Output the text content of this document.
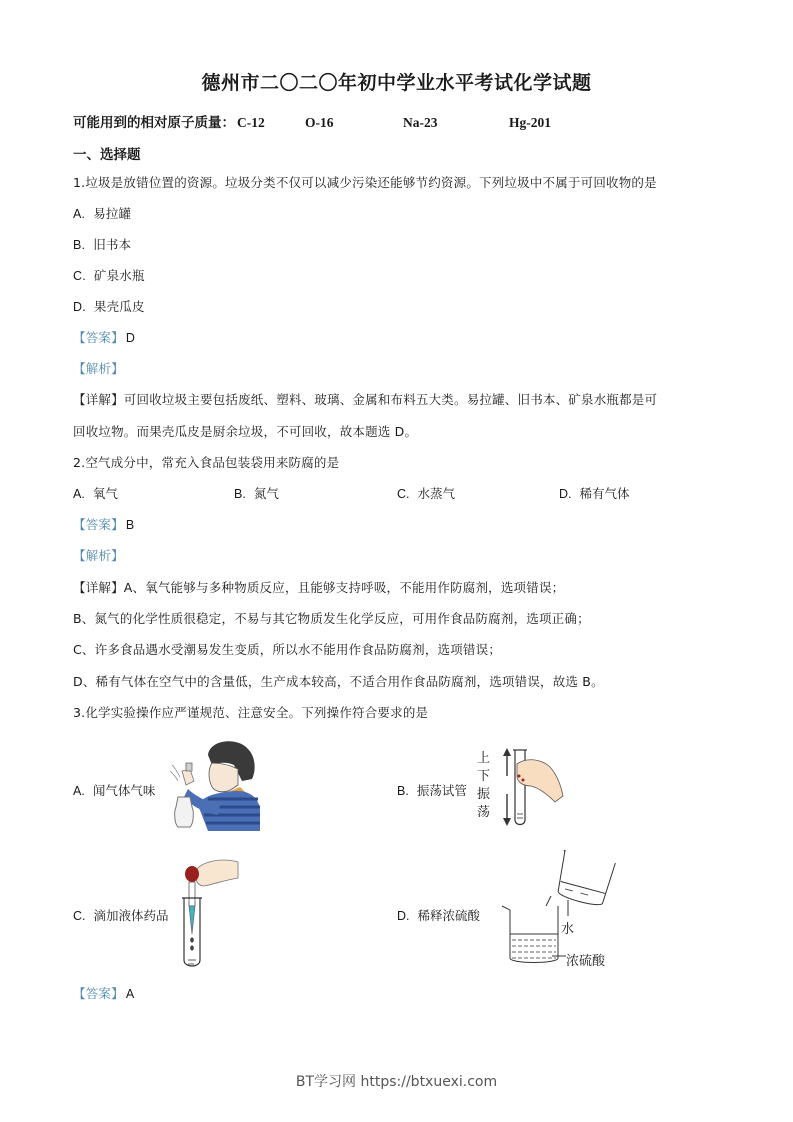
德州市二〇二〇年初中学业水平考试化学试题
可能用到的相对原子质量： C-12	O-16	Na-23	Hg-201
一、选择题
1.垃圾是放错位置的资源。垃圾分类不仅可以减少污染还能够节约资源。下列垃圾中不属于可回收物的是
A. 易拉罐
B. 旧书本
C. 矿泉水瓶
D. 果壳瓜皮
【答案】 D
【解析】
【详解】可回收垃圾主要包括废纸、塑料、玻璃、金属和布料五大类。易拉罐、旧书本、矿泉水瓶都是可
回收垃物。而果壳瓜皮是厨余垃圾，不可回收，故本题选 D。
2.空气成分中，常充入食品包装袋用来防腐的是
A. 氧气	B. 氮气	C. 水蒸气	D. 稀有气体
【答案】 B
【解析】
【详解】A、氧气能够与多种物质反应，且能够支持呼吸，不能用作防腐剂，选项错误；
B、氮气的化学性质很稳定，不易与其它物质发生化学反应，可用作食品防腐剂，选项正确；
C、许多食品遇水受潮易发生变质，所以水不能用作食品防腐剂，选项错误；
D、稀有气体在空气中的含量低，生产成本较高，不适合用作食品防腐剂，选项错误，故选 B。
3.化学实验操作应严谨规范、注意安全。下列操作符合要求的是
A. 闻气体气味	B. 振荡试管
上
下
振
荡
C. 滴加液体药品	D. 稀释浓硫酸
水
浓硫酸
【答案】 A
BT学习网 https://btxuexi.com
